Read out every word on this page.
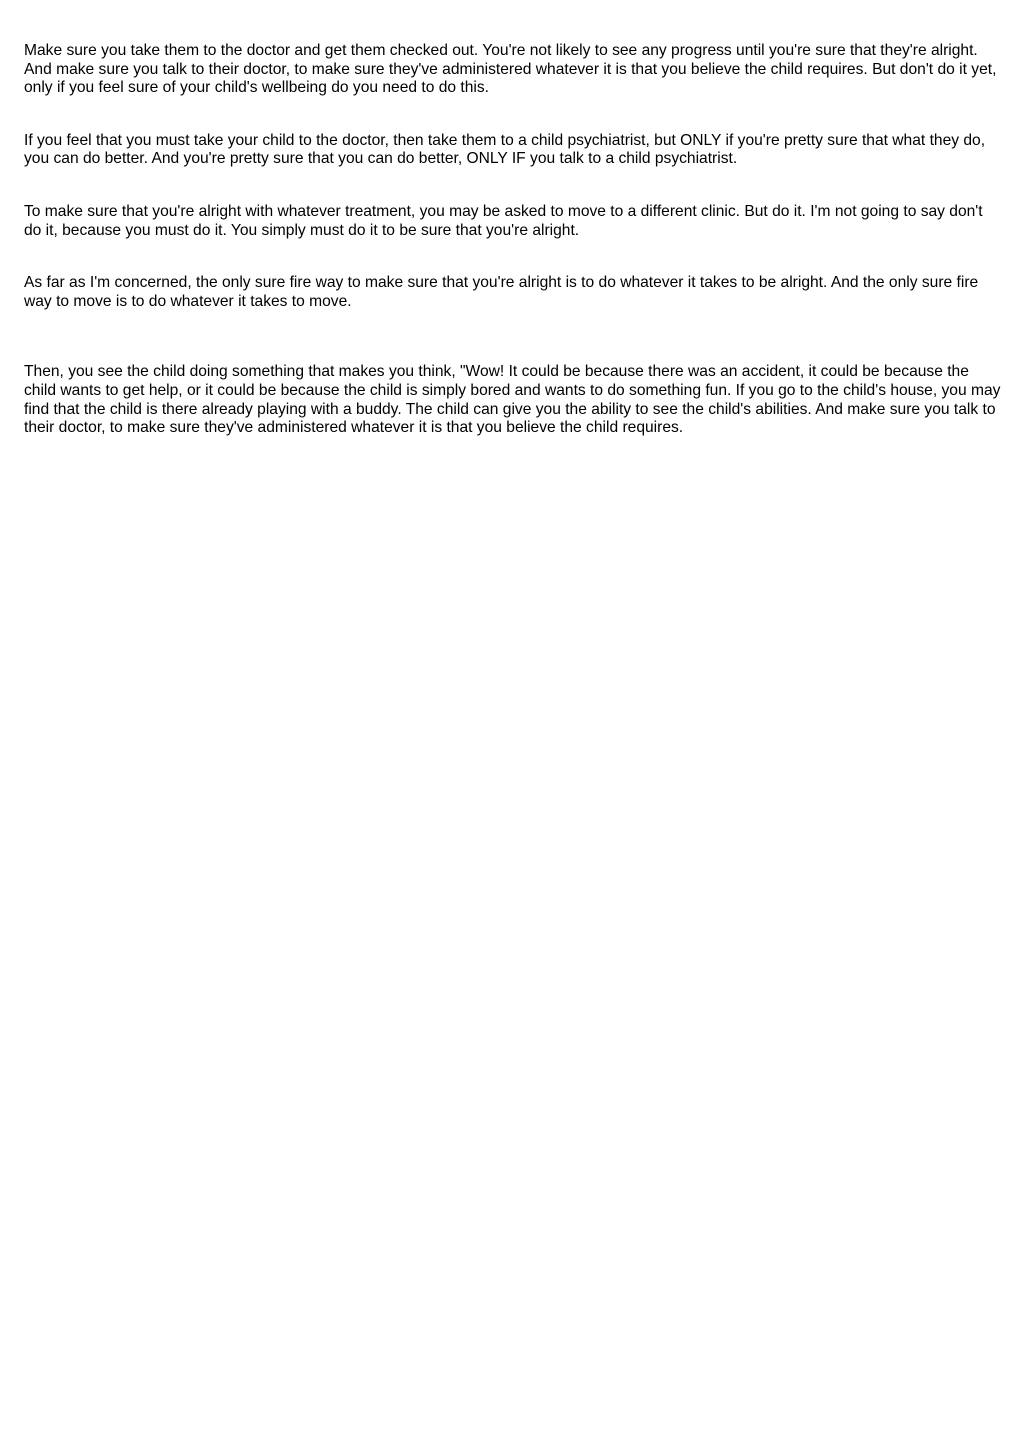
Make sure you take them to the doctor and get them checked out. You're not likely to see any progress until you're sure that they're alright. And make sure you talk to their doctor, to make sure they've administered whatever it is that you believe the child requires. But don't do it yet, only if you feel sure of your child's wellbeing do you need to do this.

If you feel that you must take your child to the doctor, then take them to a child psychiatrist, but ONLY if you're pretty sure that what they do, you can do better. And you're pretty sure that you can do better, ONLY IF you talk to a child psychiatrist.

To make sure that you're alright with whatever treatment, you may be asked to move to a different clinic. But do it. I'm not going to say don't do it, because you must do it. You simply must do it to be sure that you're alright.

As far as I'm concerned, the only sure fire way to make sure that you're alright is to do whatever it takes to be alright. And the only sure fire way to move is to do whatever it takes to move.

Then, you see the child doing something that makes you think, "Wow! It could be because there was an accident, it could be because the child wants to get help, or it could be because the child is simply bored and wants to do something fun. If you go to the child's house, you may find that the child is there already playing with a buddy. The child can give you the ability to see the child's abilities. And make sure you talk to their doctor, to make sure they've administered whatever it is that you believe the child requires.
